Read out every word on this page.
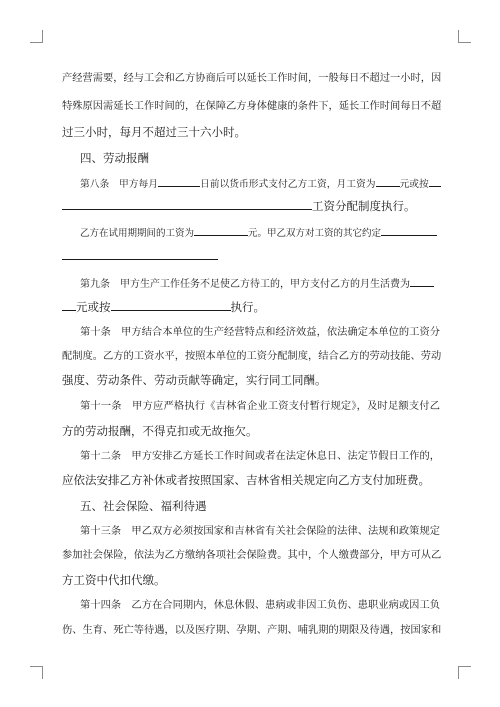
产经营需要，经与工会和乙方协商后可以延长工作时间，一般每日不超过一小时，因
特殊原因需延长工作时间的，在保障乙方身体健康的条件下，延长工作时间每日不超
过三小时，每月不超过三十六小时。
四、劳动报酬
第八条　甲方每月	日前以货币形式支付乙方工资，月工资为 元或按
工资分配制度执行。
乙方在试用期期间的工资为	元。甲乙双方对工资的其它约定
第九条　甲方生产工作任务不足使乙方待工的，甲方支付乙方的月生活费为
元或按	执行。
第十条　甲方结合本单位的生产经营特点和经济效益，依法确定本单位的工资分
配制度。乙方的工资水平，按照本单位的工资分配制度，结合乙方的劳动技能、劳动
强度、劳动条件、劳动贡献等确定，实行同工同酬。
第十一条　甲方应严格执行《吉林省企业工资支付暂行规定》，及时足额支付乙
方的劳动报酬，不得克扣或无故拖欠。
第十二条　甲方安排乙方延长工作时间或者在法定休息日、法定节假日工作的，
应依法安排乙方补休或者按照国家、吉林省相关规定向乙方支付加班费。
五、社会保险、福利待遇
第十三条　甲乙双方必须按国家和吉林省有关社会保险的法律、法规和政策规定
参加社会保险，依法为乙方缴纳各项社会保险费。其中，个人缴费部分，甲方可从乙
方工资中代扣代缴。
第十四条　乙方在合同期内，休息休假、患病或非因工负伤、患职业病或因工负
伤、生育、死亡等待遇，以及医疗期、孕期、产期、哺乳期的期限及待遇，按国家和
